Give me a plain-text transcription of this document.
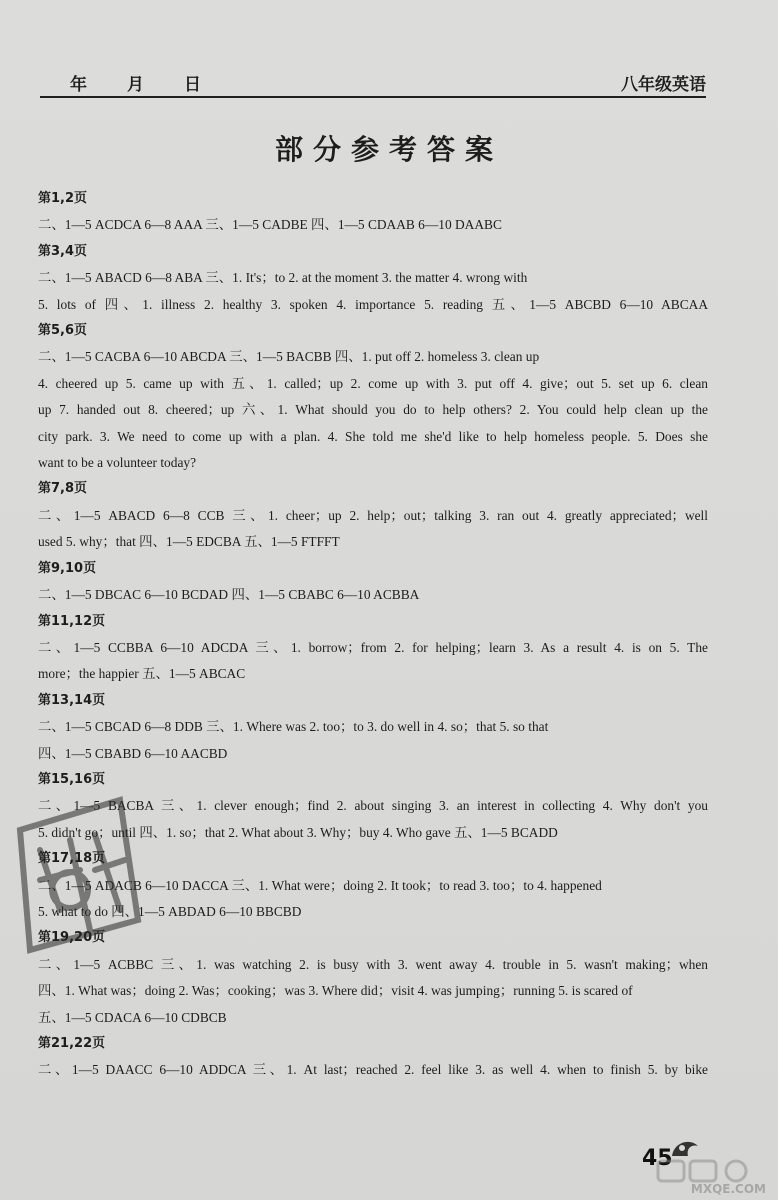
年 月 日	八年级英语
部分参考答案
第1,2页
二、1—5 ACDCA 6—8 AAA 三、1—5 CADBE 四、1—5 CDAAB 6—10 DAABC
第3,4页
二、1—5 ABACD 6—8 ABA 三、1. It's；to 2. at the moment 3. the matter 4. wrong with
5. lots of 四、1. illness 2. healthy 3. spoken 4. importance 5. reading 五、1—5 ABCBD 6—10 ABCAA
第5,6页
二、1—5 CACBA 6—10 ABCDA 三、1—5 BACBB 四、1. put off 2. homeless 3. clean up
4. cheered up 5. came up with 五、1. called；up 2. come up with 3. put off 4. give；out 5. set up 6. clean
up 7. handed out 8. cheered；up 六、1. What should you do to help others? 2. You could help clean up the
city park. 3. We need to come up with a plan. 4. She told me she'd like to help homeless people. 5. Does she
want to be a volunteer today?
第7,8页
二、1—5 ABACD 6—8 CCB 三、1. cheer；up 2. help；out；talking 3. ran out 4. greatly appreciated；well
used 5. why；that 四、1—5 EDCBA 五、1—5 FTFFT
第9,10页
二、1—5 DBCAC 6—10 BCDAD 四、1—5 CBABC 6—10 ACBBA
第11,12页
二、1—5 CCBBA 6—10 ADCDA 三、1. borrow；from 2. for helping；learn 3. As a result 4. is on 5. The
more；the happier 五、1—5 ABCAC
第13,14页
二、1—5 CBCAD 6—8 DDB 三、1. Where was 2. too；to 3. do well in 4. so；that 5. so that
四、1—5 CBABD 6—10 AACBD
第15,16页
二、1—5 BACBA 三、1. clever enough；find 2. about singing 3. an interest in collecting 4. Why don't you
5. didn't go；until 四、1. so；that 2. What about 3. Why；buy 4. Who gave 五、1—5 BCADD
第17,18页
二、1—5 ADACB 6—10 DACCA 三、1. What were；doing 2. It took；to read 3. too；to 4. happened
5. what to do 四、1—5 ABDAD 6—10 BBCBD
第19,20页
二、1—5 ACBBC 三、1. was watching 2. is busy with 3. went away 4. trouble in 5. wasn't making；when
四、1. What was；doing 2. Was；cooking；was 3. Where did；visit 4. was jumping；running 5. is scared of
五、1—5 CDACA 6—10 CDBCB
第21,22页
二、1—5 DAACC 6—10 ADDCA 三、1. At last；reached 2. feel like 3. as well 4. when to finish 5. by bike
45
MXQE.COM
